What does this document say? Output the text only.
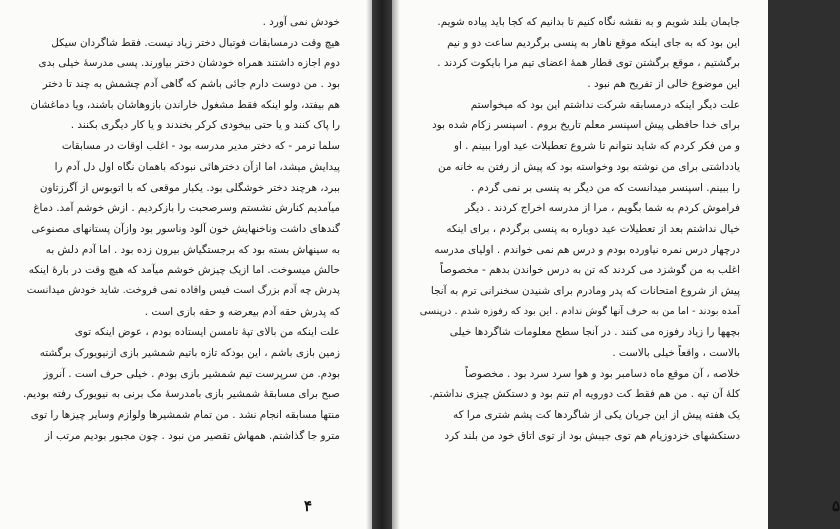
خودش نمی آورد .
هیچ وقت درمسابقات فوتبال دختر زیاد نیست. فقط شاگردان سیکل
دوم اجازه داشتند همراه خودشان دختر بیاورند. پسی مدرسهٔ خیلی بدی
بود . من دوست دارم جائی باشم که گاهی آدم چشمش به چند تا دختر
هم بیفتد، ولو اینکه فقط مشغول خاراندن بازوهاشان باشند، ویا دماغشان
را پاک کنند و یا حتی بیخودی کرکر بخندند و یا کار دیگری بکنند .
سلما ترمر - که دختر مدیر مدرسه بود - اغلب اوقات در مسابقات
پیدایش میشد، اما ازآن دخترهائی نبودکه باهمان نگاه اول دل آدم را
ببرد، هرچند دختر خوشگلی بود. یکبار موقعی که با اتوبوس از آگرزتاون
میآمدیم کنارش نشستم وسرصحبت را بازکردیم . ازش خوشم آمد. دماغ
گندهای داشت وناخنهایش خون آلود وناسور بود وازآن پستانهای مصنوعی
به سینهاش بسته بود که برجستگیاش بیرون زده بود . اما آدم دلش به
حالش میسوخت. اما ازیک چیزش خوشم میآمد که هیچ وقت در بارهٔ اینکه
پدرش چه آدم بزرگ است فیس وافاده نمی فروخت. شاید خودش میدانست
که پدرش حقه آدم بیعرضه و حقه بازی است .
علت اینکه من بالای تپهٔ تامسن ایستاده بودم ، عوض اینکه توی
زمین بازی باشم ، این بودکه تازه باتیم شمشیر بازی ازنیویورک برگشته
بودم. من سرپرست تیم شمشیر بازی بودم . خیلی حرف است . آنروز
صبح برای مسابقهٔ شمشیر بازی بامدرسهٔ مک برنی به نیویورک رفته بودیم.
منتها مسابقه انجام نشد . من تمام شمشیرها ولوازم وسایر چیزها را توی
مترو جا گذاشتم. همهاش تقصیر من نبود . چون مجبور بودیم مرتب از
۴
جایمان بلند شویم و به نقشه نگاه کنیم تا بدانیم که کجا باید پیاده شویم.
این بود که به جای اینکه موقع ناهار به پنسی برگردیم ساعت دو و نیم
برگشتیم ، موقع برگشتن توی قطار همهٔ اعضای تیم مرا بایکوت کردند .
این موضوع خالی از تفریح هم نبود .
علت دیگر اینکه درمسابقه شرکت نداشتم این بود که میخواستم
برای خدا حافظی پیش اسپنسر معلم تاریخ بروم . اسپنسر زکام شده بود
و من فکر کردم که شاید نتوانم تا شروع تعطیلات عید اورا ببینم . او
یادداشتی برای من نوشته بود وخواسته بود که پیش از رفتن به خانه من
را ببینم. اسپنسر میدانست که من دیگر به پنسی بر نمی گردم .
فراموش کردم به شما بگویم ، مرا از مدرسه اخراج کردند . دیگر
خیال نداشتم بعد از تعطیلات عید دوباره به پنسی برگردم ، برای اینکه
درچهار درس نمره نیاورده بودم و درس هم نمی خواندم . اولیای مدرسه
اغلب به من گوشزد می کردند که تن به درس خواندن بدهم - مخصوصاً
پیش از شروع امتحانات که پدر ومادرم برای شنیدن سخنرانی ترم به آنجا
آمده بودند - اما من به حرف آنها گوش ندادم . این بود که رفوزه شدم . درپنسی
بچهها را زیاد رفوزه می کنند . در آنجا سطح معلومات شاگردها خیلی
بالاست ، واقعاً خیلی بالاست .
خلاصه ، آن موقع ماه دسامبر بود و هوا سرد سرد بود . مخصوصاً
کلهٔ آن تپه . من هم فقط کت دورویه ام تنم بود و دستکش چیزی نداشتم.
یک هفته پیش از این جریان یکی از شاگردها کت پشم شتری مرا که
دستکشهای خزدوزیام هم توی جیبش بود از توی اتاق خود من بلند کرد
۵
